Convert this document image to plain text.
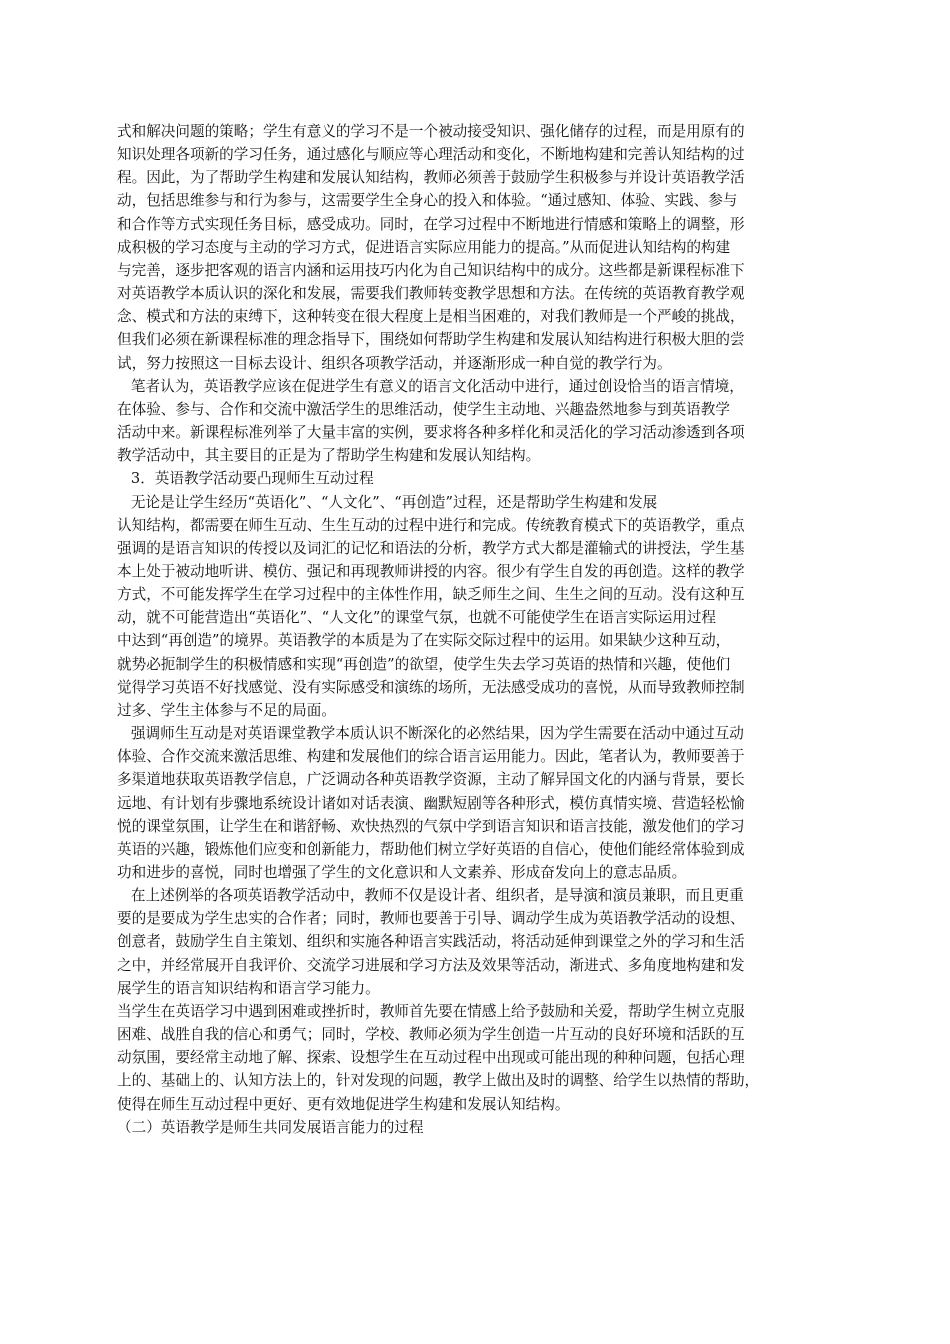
式和解决问题的策略；学生有意义的学习不是一个被动接受知识、强化储存的过程，而是用原有的
知识处理各项新的学习任务，通过感化与顺应等心理活动和变化，不断地构建和完善认知结构的过
程。因此，为了帮助学生构建和发展认知结构，教师必须善于鼓励学生积极参与并设计英语教学活
动，包括思维参与和行为参与，这需要学生全身心的投入和体验。“通过感知、体验、实践、参与
和合作等方式实现任务目标，感受成功。同时，在学习过程中不断地进行情感和策略上的调整，形
成积极的学习态度与主动的学习方式，促进语言实际应用能力的提高。”从而促进认知结构的构建
与完善，逐步把客观的语言内涵和运用技巧内化为自己知识结构中的成分。这些都是新课程标准下
对英语教学本质认识的深化和发展，需要我们教师转变教学思想和方法。在传统的英语教育教学观
念、模式和方法的束缚下，这种转变在很大程度上是相当困难的，对我们教师是一个严峻的挑战，
但我们必须在新课程标准的理念指导下，围绕如何帮助学生构建和发展认知结构进行积极大胆的尝
试，努力按照这一目标去设计、组织各项教学活动，并逐渐形成一种自觉的教学行为。

笔者认为，英语教学应该在促进学生有意义的语言文化活动中进行，通过创设恰当的语言情境，
在体验、参与、合作和交流中激活学生的思维活动，使学生主动地、兴趣盎然地参与到英语教学
活动中来。新课程标准列举了大量丰富的实例，要求将各种多样化和灵活化的学习活动渗透到各项
教学活动中，其主要目的正是为了帮助学生构建和发展认知结构。

3．英语教学活动要凸现师生互动过程

无论是让学生经历“英语化”、“人文化”、“再创造”过程，还是帮助学生构建和发展
认知结构，都需要在师生互动、生生互动的过程中进行和完成。传统教育模式下的英语教学，重点
强调的是语言知识的传授以及词汇的记忆和语法的分析，教学方式大都是灌输式的讲授法，学生基
本上处于被动地听讲、模仿、强记和再现教师讲授的内容。很少有学生自发的再创造。这样的教学
方式，不可能发挥学生在学习过程中的主体性作用，缺乏师生之间、生生之间的互动。没有这种互
动，就不可能营造出“英语化”、“人文化”的课堂气氛，也就不可能使学生在语言实际运用过程
中达到“再创造”的境界。英语教学的本质是为了在实际交际过程中的运用。如果缺少这种互动，
就势必扼制学生的积极情感和实现“再创造”的欲望，使学生失去学习英语的热情和兴趣，使他们
觉得学习英语不好找感觉、没有实际感受和演练的场所，无法感受成功的喜悦，从而导致教师控制
过多、学生主体参与不足的局面。

强调师生互动是对英语课堂教学本质认识不断深化的必然结果，因为学生需要在活动中通过互动
体验、合作交流来激活思维、构建和发展他们的综合语言运用能力。因此，笔者认为，教师要善于
多渠道地获取英语教学信息，广泛调动各种英语教学资源，主动了解异国文化的内涵与背景，要长
远地、有计划有步骤地系统设计诸如对话表演、幽默短剧等各种形式，模仿真情实境、营造轻松愉
悦的课堂氛围，让学生在和谐舒畅、欢快热烈的气氛中学到语言知识和语言技能，激发他们的学习
英语的兴趣，锻炼他们应变和创新能力，帮助他们树立学好英语的自信心，使他们能经常体验到成
功和进步的喜悦，同时也增强了学生的文化意识和人文素养、形成奋发向上的意志品质。

在上述例举的各项英语教学活动中，教师不仅是设计者、组织者，是导演和演员兼职，而且更重
要的是要成为学生忠实的合作者；同时，教师也要善于引导、调动学生成为英语教学活动的设想、
创意者，鼓励学生自主策划、组织和实施各种语言实践活动，将活动延伸到课堂之外的学习和生活
之中，并经常展开自我评价、交流学习进展和学习方法及效果等活动，渐进式、多角度地构建和发
展学生的语言知识结构和语言学习能力。

当学生在英语学习中遇到困难或挫折时，教师首先要在情感上给予鼓励和关爱，帮助学生树立克服
困难、战胜自我的信心和勇气；同时，学校、教师必须为学生创造一片互动的良好环境和活跃的互
动氛围，要经常主动地了解、探索、设想学生在互动过程中出现或可能出现的种种问题，包括心理
上的、基础上的、认知方法上的，针对发现的问题，教学上做出及时的调整、给学生以热情的帮助，
使得在师生互动过程中更好、更有效地促进学生构建和发展认知结构。

（二）英语教学是师生共同发展语言能力的过程
